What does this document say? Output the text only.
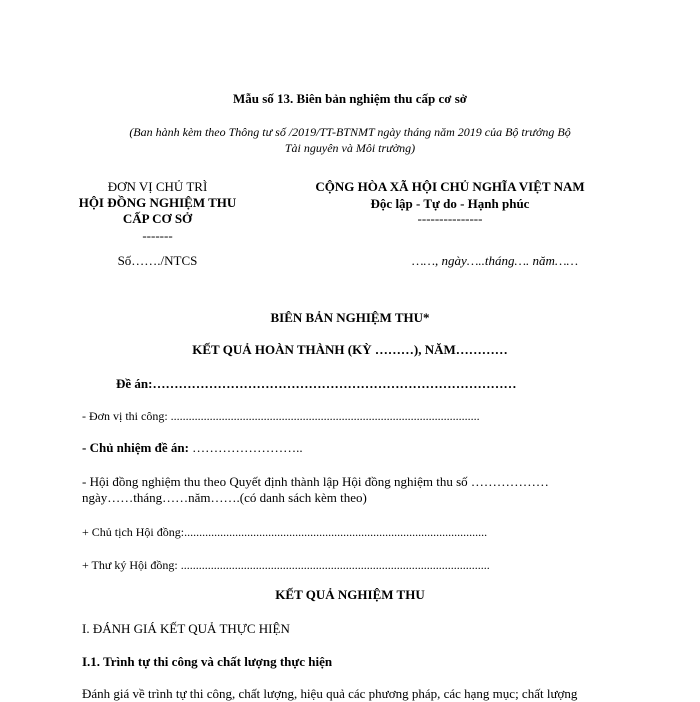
Mẫu số 13. Biên bản nghiệm thu cấp cơ sở
(Ban hành kèm theo Thông tư số /2019/TT-BTNMT ngày tháng năm 2019 của Bộ trưởng Bộ
Tài nguyên và Môi trường)
ĐƠN VỊ CHỦ TRÌ
HỘI ĐỒNG NGHIỆM THU
CẤP CƠ SỞ
-------
Số……./NTCS
CỘNG HÒA XÃ HỘI CHỦ NGHĨA VIỆT NAM
Độc lập - Tự do - Hạnh phúc
---------------
……, ngày…..tháng…. năm……
BIÊN BẢN NGHIỆM THU*
KẾT QUẢ HOÀN THÀNH (KỲ ………), NĂM…………
Đề án:…………………………………………………………………………
- Đơn vị thi công: .......................................................................................................
- Chủ nhiệm đề án: ……………………..
- Hội đồng nghiệm thu theo Quyết định thành lập Hội đồng nghiệm thu số ………………
ngày……tháng……năm…….(có danh sách kèm theo)
+ Chủ tịch Hội đồng:.....................................................................................................
+ Thư ký Hội đồng: .......................................................................................................
KẾT QUẢ NGHIỆM THU
I. ĐÁNH GIÁ KẾT QUẢ THỰC HIỆN
I.1. Trình tự thi công và chất lượng thực hiện
Đánh giá về trình tự thi công, chất lượng, hiệu quả các phương pháp, các hạng mục; chất lượng
